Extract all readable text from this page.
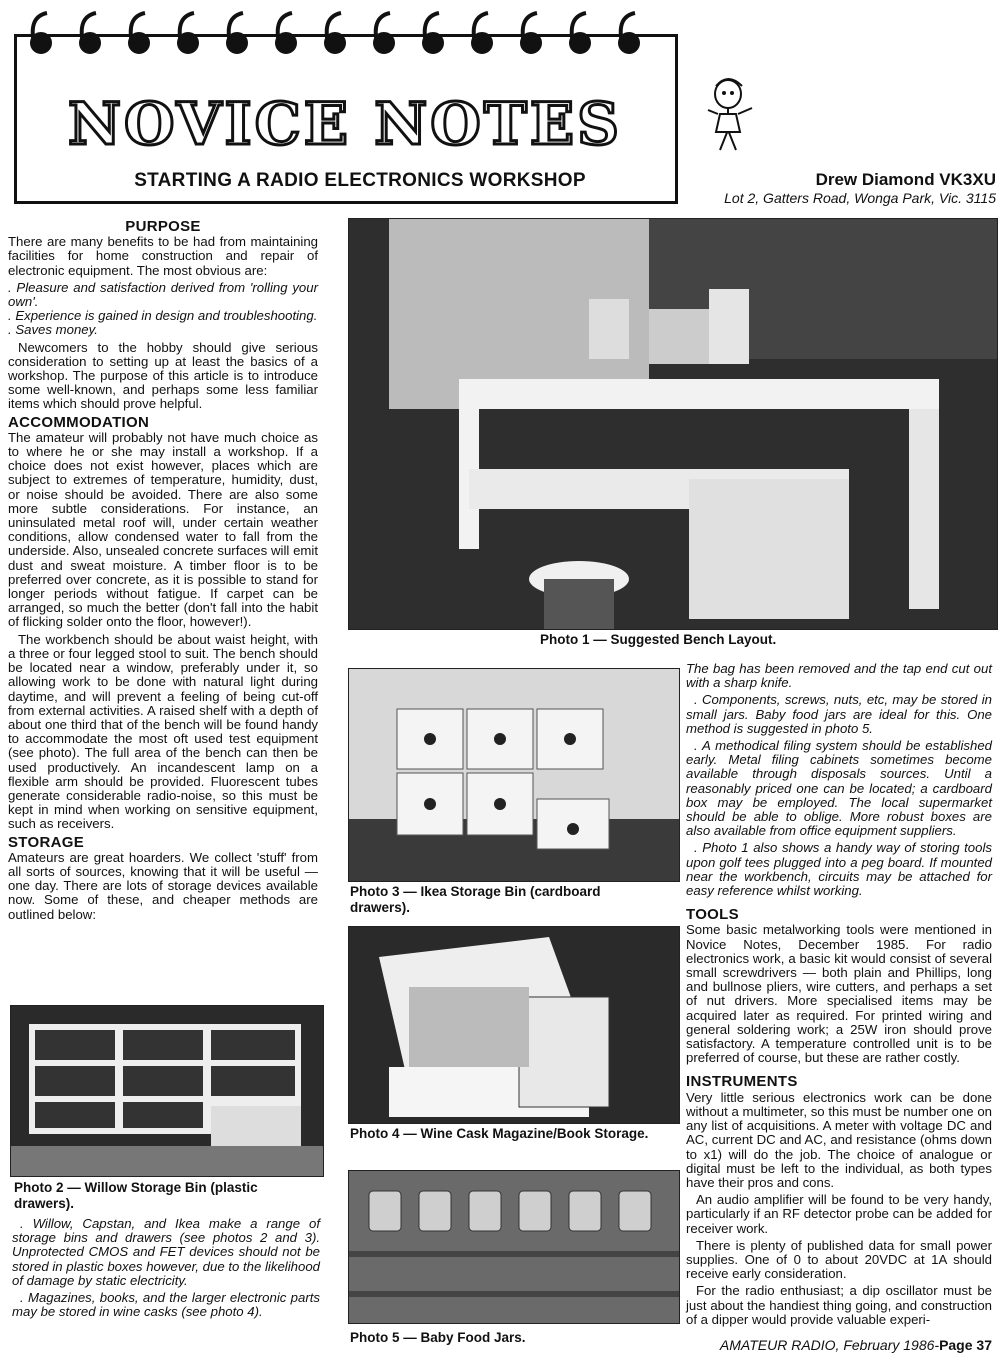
NOVICE NOTES
STARTING A RADIO ELECTRONICS WORKSHOP	Drew Diamond VK3XU
Lot 2, Gatters Road, Wonga Park, Vic. 3115
PURPOSE

There are many benefits to be had from maintaining facilities for home construction and repair of electronic equipment. The most obvious are:

. Pleasure and satisfaction derived from 'rolling your own'.

. Experience is gained in design and troubleshooting.

. Saves money.

Newcomers to the hobby should give serious consideration to setting up at least the basics of a workshop. The purpose of this article is to introduce some well-known, and perhaps some less familiar items which should prove helpful.

ACCOMMODATION

The amateur will probably not have much choice as to where he or she may install a workshop. If a choice does not exist however, places which are subject to extremes of temperature, humidity, dust, or noise should be avoided. There are also some more subtle considerations. For instance, an uninsulated metal roof will, under certain weather conditions, allow condensed water to fall from the underside. Also, unsealed concrete surfaces will emit dust and sweat moisture. A timber floor is to be preferred over concrete, as it is possible to stand for longer periods without fatigue. If carpet can be arranged, so much the better (don't fall into the habit of flicking solder onto the floor, however!).

The workbench should be about waist height, with a three or four legged stool to suit. The bench should be located near a window, preferably under it, so allowing work to be done with natural light during daytime, and will prevent a feeling of being cut-off from external activities. A raised shelf with a depth of about one third that of the bench will be found handy to accommodate the most oft used test equipment (see photo). The full area of the bench can then be used productively. An incandescent lamp on a flexible arm should be provided. Fluorescent tubes generate considerable radio-noise, so this must be kept in mind when working on sensitive equipment, such as receivers.

STORAGE

Amateurs are great hoarders. We collect 'stuff' from all sorts of sources, knowing that it will be useful — one day. There are lots of storage devices available now. Some of these, and cheaper methods are outlined below:

Photo 2 — Willow Storage Bin (plastic drawers).

. Willow, Capstan, and Ikea make a range of storage bins and drawers (see photos 2 and 3). Unprotected CMOS and FET devices should not be stored in plastic boxes however, due to the likelihood of damage by static electricity.

. Magazines, books, and the larger electronic parts may be stored in wine casks (see photo 4).

Photo 1 — Suggested Bench Layout.
Photo 3 — Ikea Storage Bin (cardboard drawers).
Photo 4 — Wine Cask Magazine/Book Storage.
Photo 5 — Baby Food Jars.

The bag has been removed and the tap end cut out with a sharp knife.

. Components, screws, nuts, etc, may be stored in small jars. Baby food jars are ideal for this. One method is suggested in photo 5.

. A methodical filing system should be established early. Metal filing cabinets sometimes become available through disposals sources. Until a reasonably priced one can be located; a cardboard box may be employed. The local supermarket should be able to oblige. More robust boxes are also available from office equipment suppliers.

. Photo 1 also shows a handy way of storing tools upon golf tees plugged into a peg board. If mounted near the workbench, circuits may be attached for easy reference whilst working.

TOOLS

Some basic metalworking tools were mentioned in Novice Notes, December 1985. For radio electronics work, a basic kit would consist of several small screwdrivers — both plain and Phillips, long and bullnose pliers, wire cutters, and perhaps a set of nut drivers. More specialised items may be acquired later as required. For printed wiring and general soldering work; a 25W iron should prove satisfactory. A temperature controlled unit is to be preferred of course, but these are rather costly.

INSTRUMENTS

Very little serious electronics work can be done without a multimeter, so this must be number one on any list of acquisitions. A meter with voltage DC and AC, current DC and AC, and resistance (ohms down to x1) will do the job. The choice of analogue or digital must be left to the individual, as both types have their pros and cons.

An audio amplifier will be found to be very handy, particularly if an RF detector probe can be added for receiver work.

There is plenty of published data for small power supplies. One of 0 to about 20VDC at 1A should receive early consideration.

For the radio enthusiast; a dip oscillator must be just about the handiest thing going, and construction of a dipper would provide valuable experi-

AMATEUR RADIO, February 1986-Page 37
